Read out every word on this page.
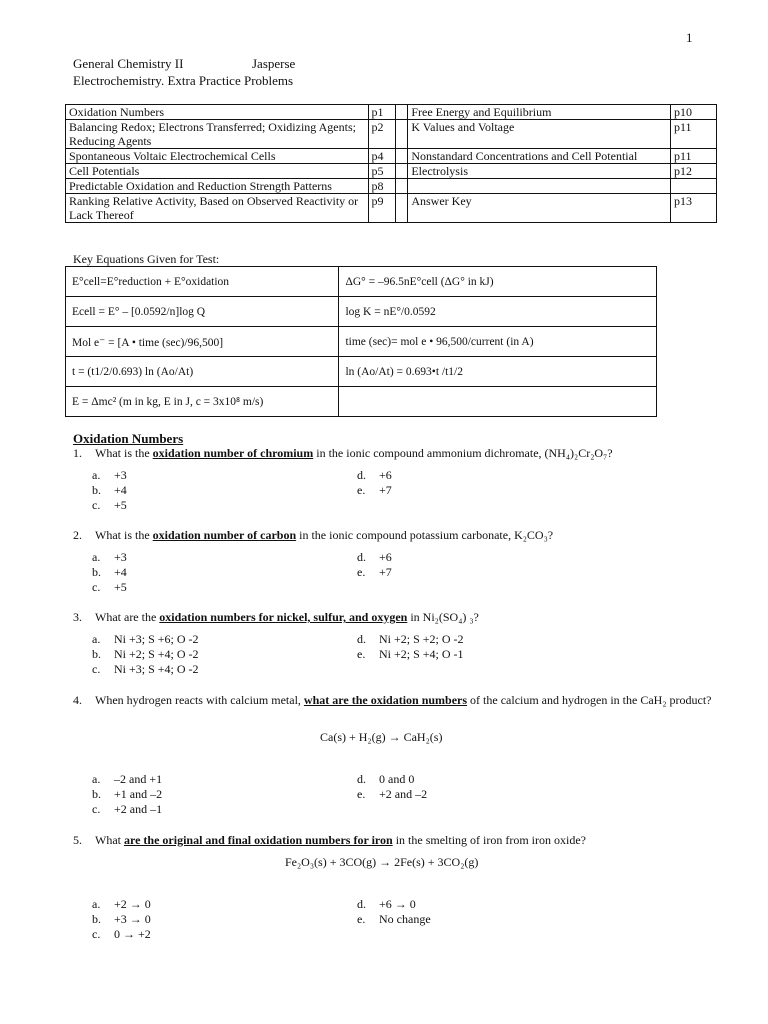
1
General Chemistry II	Jasperse
Electrochemistry. Extra Practice Problems
Oxidation Numbers	p1		Free Energy and Equilibrium	p10
Balancing Redox; Electrons Transferred; Oxidizing Agents; Reducing Agents	p2		K Values and Voltage	p11
Spontaneous Voltaic Electrochemical Cells	p4		Nonstandard Concentrations and Cell Potential	p11
Cell Potentials	p5		Electrolysis	p12
Predictable Oxidation and Reduction Strength Patterns	p8			
Ranking Relative Activity, Based on Observed Reactivity or Lack Thereof	p9		Answer Key	p13
Key Equations Given for Test:
E°cell=E°reduction + E°oxidation	ΔG° = –96.5nE°cell (ΔG° in kJ)
Ecell = E° – [0.0592/n]log Q	log K = nE°/0.0592
Mol e⁻ = [A • time (sec)/96,500]	time (sec)= mol e • 96,500/current (in A)
t = (t1/2/0.693) ln (Ao/At)	ln (Ao/At) = 0.693•t /t1/2
E = Δmc² (m in kg, E in J, c = 3x10⁸ m/s)	
Oxidation Numbers
1. What is the oxidation number of chromium in the ionic compound ammonium dichromate, (NH₄)₂Cr₂O₇?
a. +3
b. +4
c. +5
d. +6
e. +7
2. What is the oxidation number of carbon in the ionic compound potassium carbonate, K₂CO₃?
a. +3
b. +4
c. +5
d. +6
e. +7
3. What are the oxidation numbers for nickel, sulfur, and oxygen in Ni₂(SO₄) ₃?
a. Ni +3; S +6; O -2
b. Ni +2; S +4; O -2
c. Ni +3; S +4; O -2
d. Ni +2; S +2; O -2
e. Ni +2; S +4; O -1
4. When hydrogen reacts with calcium metal, what are the oxidation numbers of the calcium and hydrogen in the CaH₂ product?
Ca(s) + H₂(g) → CaH₂(s)
a. –2 and +1
b. +1 and –2
c. +2 and –1
d. 0 and 0
e. +2 and –2
5. What are the original and final oxidation numbers for iron in the smelting of iron from iron oxide?
Fe₂O₃(s) + 3CO(g) → 2Fe(s) + 3CO₂(g)
a. +2 → 0
b. +3 → 0
c. 0 → +2
d. +6 → 0
e. No change
